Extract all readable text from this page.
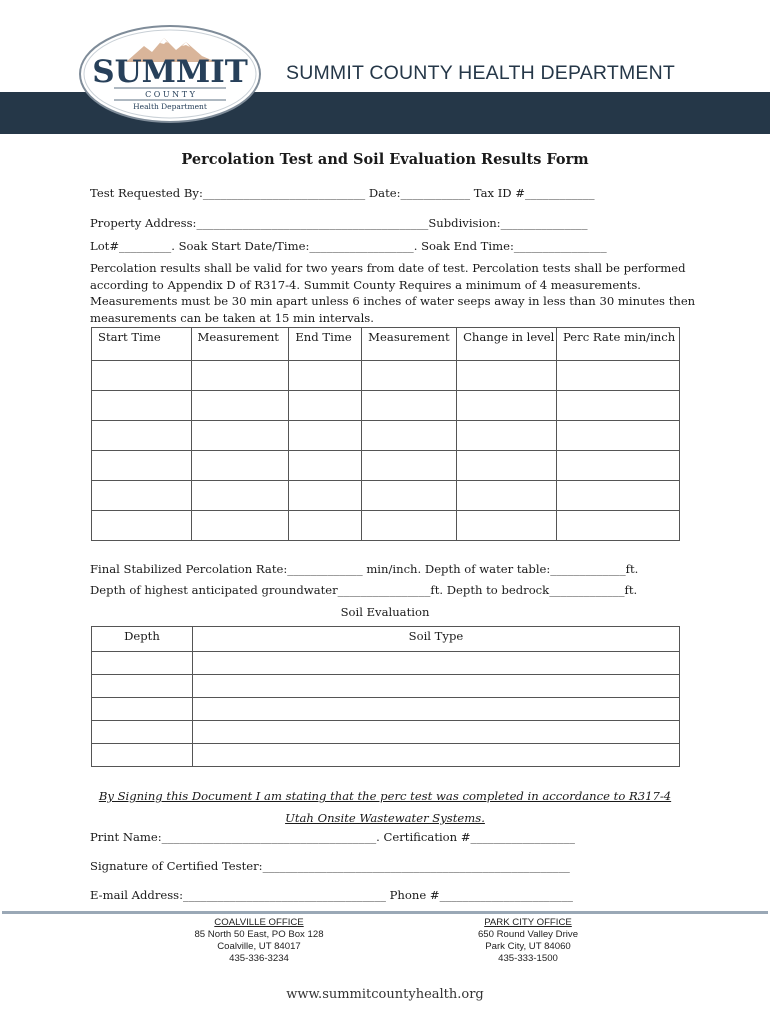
SUMMIT
C O U N T Y
Health Department
SUMMIT COUNTY HEALTH DEPARTMENT
Percolation Test and Soil Evaluation Results Form
Test Requested By:____________________________ Date:____________ Tax ID #____________
Property Address:________________________________________Subdivision:_______________
Lot#_________. Soak Start Date/Time:__________________. Soak End Time:________________
Percolation results shall be valid for two years from date of test. Percolation tests shall be performed
according to Appendix D of R317-4. Summit County Requires a minimum of 4 measurements.
Measurements must be 30 min apart unless 6 inches of water seeps away in less than 30 minutes then
measurements can be taken at 15 min intervals.
Start Time	Measurement	End Time	Measurement	Change in level	Perc Rate min/inch

Final Stabilized Percolation Rate:_____________ min/inch. Depth of water table:_____________ft.
Depth of highest anticipated groundwater________________ft. Depth to bedrock_____________ft.
Soil Evaluation
Depth	Soil Type

By Signing this Document I am stating that the perc test was completed in accordance to R317-4 Utah Onsite Wastewater Systems.
Print Name:_____________________________________. Certification #__________________
Signature of Certified Tester:_____________________________________________________
E-mail Address:___________________________________ Phone #_______________________
COALVILLE OFFICE
85 North 50 East, PO Box 128
Coalville, UT 84017
435-336-3234
PARK CITY OFFICE
650 Round Valley Drive
Park City, UT 84060
435-333-1500
www.summitcountyhealth.org
